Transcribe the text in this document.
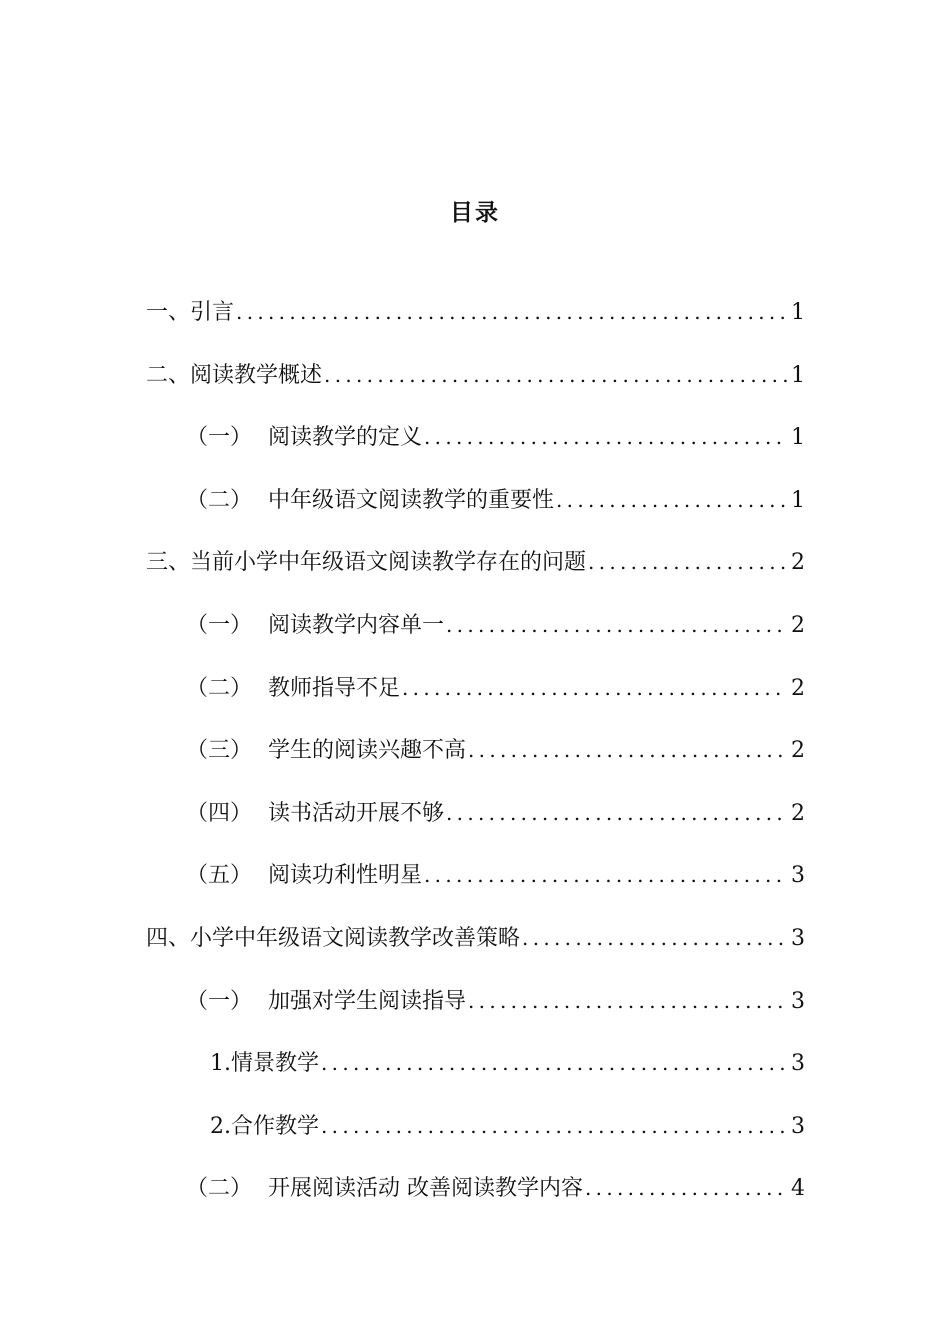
目录
一、引言 .....	1
二、阅读教学概述 .....	1
（一） 阅读教学的定义 .....	1
（二） 中年级语文阅读教学的重要性 .....	1
三、当前小学中年级语文阅读教学存在的问题 .....	2
（一） 阅读教学内容单一 .....	2
（二） 教师指导不足 .....	2
（三） 学生的阅读兴趣不高 .....	2
（四） 读书活动开展不够 .....	2
（五） 阅读功利性明星 .....	3
四、小学中年级语文阅读教学改善策略 .....	3
（一） 加强对学生阅读指导 .....	3
1.情景教学 .....	3
2.合作教学 .....	3
（二） 开展阅读活动 改善阅读教学内容 .....	4
